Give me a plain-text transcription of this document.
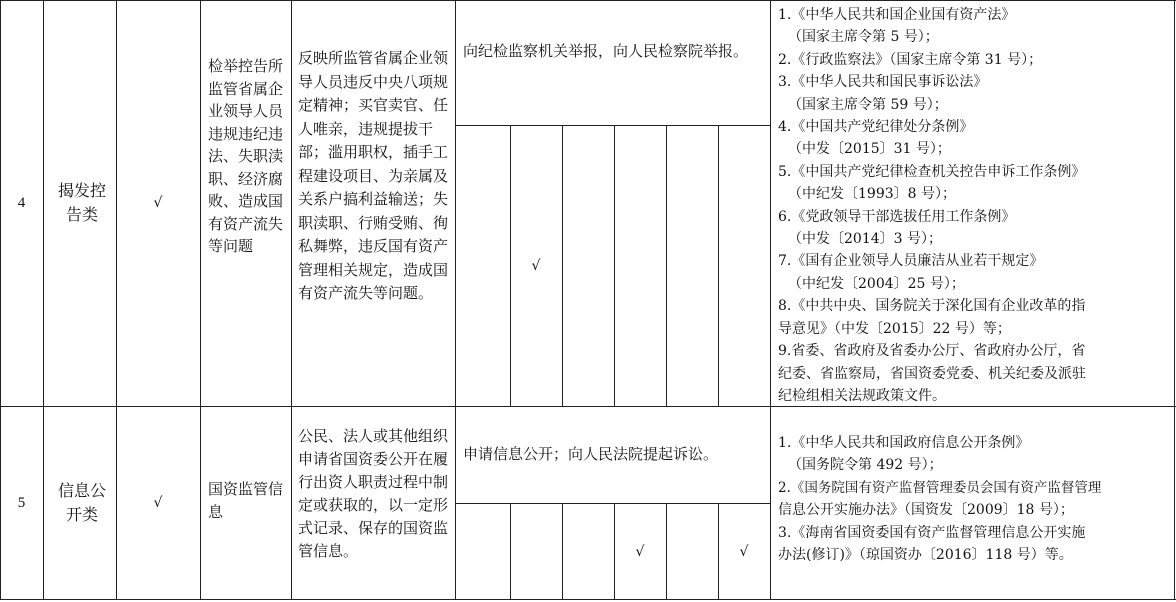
4
揭发控告类
√
检举控告所监管省属企业领导人员违规违纪违法、失职渎职、经济腐败、造成国有资产流失等问题
反映所监管省属企业领导人员违反中央八项规定精神；买官卖官、任人唯亲，违规提拔干部；滥用职权，插手工程建设项目、为亲属及关系户搞利益输送；失职渎职、行贿受贿、徇私舞弊，违反国有资产管理相关规定，造成国有资产流失等问题。
向纪检监察机关举报，向人民检察院举报。
√

1.《中华人民共和国企业国有资产法》

（国家主席令第 5 号）；

2.《行政监察法》（国家主席令第 31 号）；

3.《中华人民共和国民事诉讼法》

（国家主席令第 59 号）；

4.《中国共产党纪律处分条例》

（中发〔2015〕31 号）；

5.《中国共产党纪律检查机关控告申诉工作条例》

（中纪发〔1993〕8 号）；

6.《党政领导干部选拔任用工作条例》

（中发〔2014〕3 号）；

7.《国有企业领导人员廉洁从业若干规定》

（中纪发〔2004〕25 号）；

8.《中共中央、国务院关于深化国有企业改革的指

导意见》（中发〔2015〕22 号）等；

9.省委、省政府及省委办公厅、省政府办公厅，省

纪委、省监察局，省国资委党委、机关纪委及派驻

纪检组相关法规政策文件。

5
信息公开类
√
国资监管信息
公民、法人或其他组织申请省国资委公开在履行出资人职责过程中制定或获取的，以一定形式记录、保存的国资监管信息。
申请信息公开；向人民法院提起诉讼。
√	√

1.《中华人民共和国政府信息公开条例》

（国务院令第 492 号）；

2.《国务院国有资产监督管理委员会国有资产监督管理

信息公开实施办法》（国资发〔2009〕18 号）；

3.《海南省国资委国有资产监督管理信息公开实施

办法(修订)》（琼国资办〔2016〕118 号）等。
